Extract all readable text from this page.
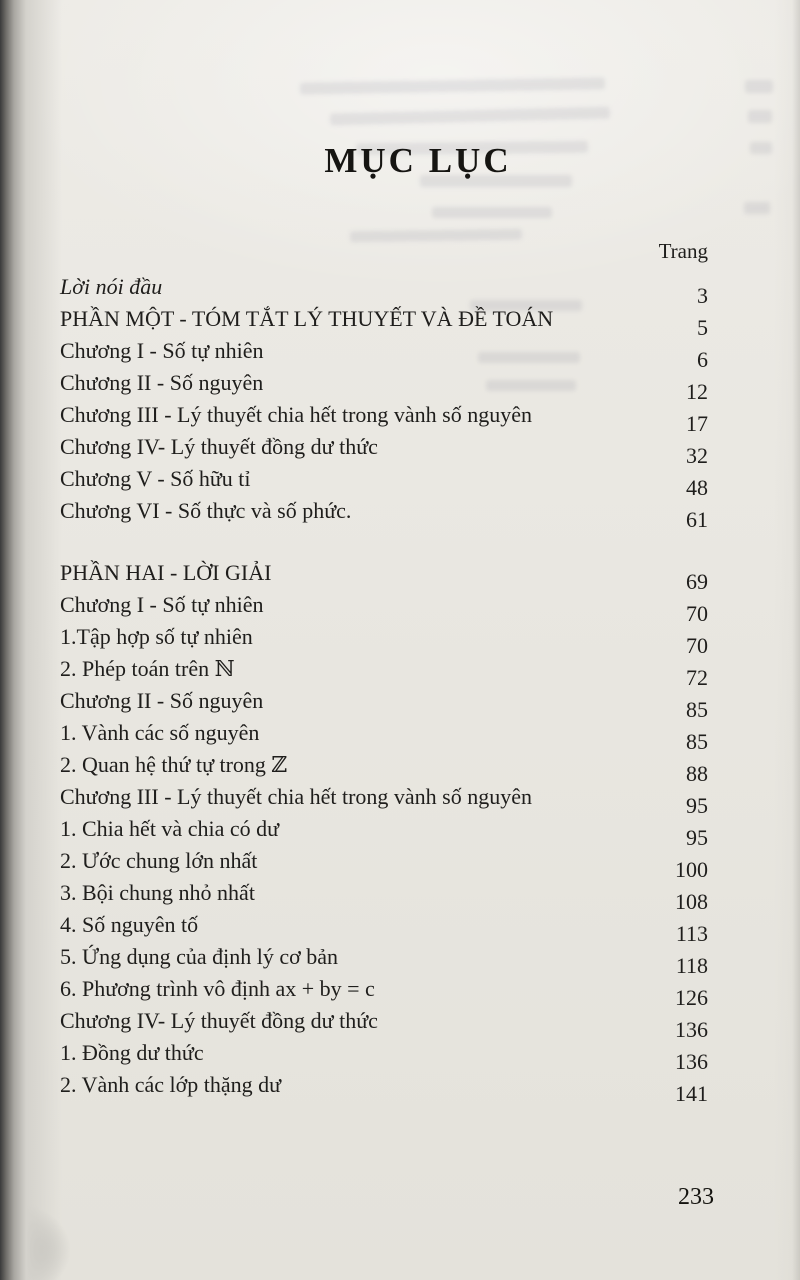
MỤC LỤC
Trang
Lời nói đầu	3
PHẦN MỘT - TÓM TẮT LÝ THUYẾT VÀ ĐỀ TOÁN	5
Chương I - Số tự nhiên	6
Chương II - Số nguyên	12
Chương III - Lý thuyết chia hết trong vành số nguyên	17
Chương IV- Lý thuyết đồng dư thức	32
Chương V - Số hữu tỉ	48
Chương VI - Số thực và số phức.	61
PHẦN HAI - LỜI GIẢI	69
Chương I - Số tự nhiên	70
1.Tập hợp số tự nhiên	70
2. Phép toán trên ℕ	72
Chương II - Số nguyên	85
1. Vành các số nguyên	85
2. Quan hệ thứ tự trong ℤ	88
Chương III - Lý thuyết chia hết trong vành số nguyên	95
1. Chia hết và chia có dư	95
2. Ước chung lớn nhất	100
3. Bội chung nhỏ nhất	108
4. Số nguyên tố	113
5. Ứng dụng của định lý cơ bản	118
6. Phương trình vô định ax + by = c	126
Chương IV- Lý thuyết đồng dư thức	136
1. Đồng dư thức	136
2. Vành các lớp thặng dư	141
233
